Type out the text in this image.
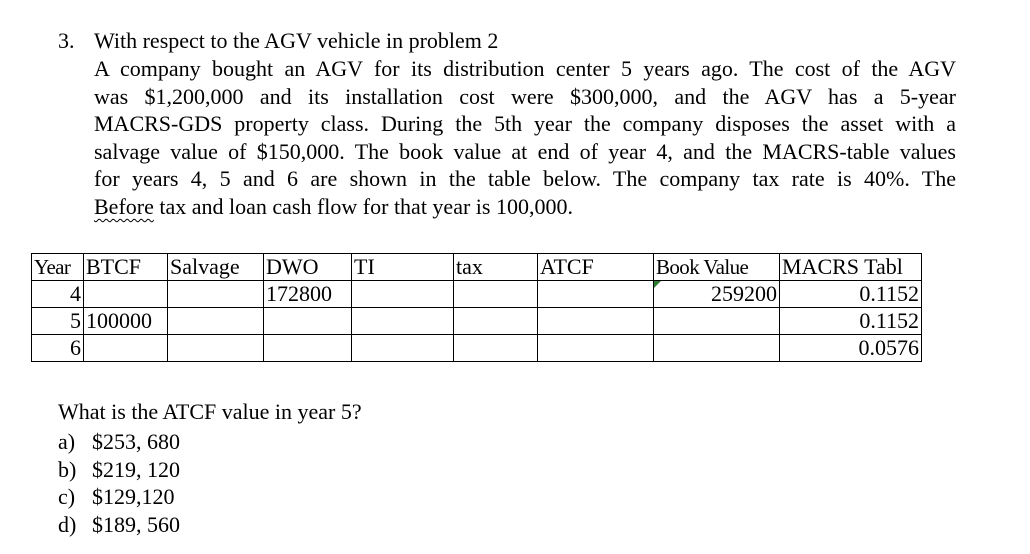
3. With respect to the AGV vehicle in problem 2
A company bought an AGV for its distribution center 5 years ago. The cost of the AGV
was $1,200,000 and its installation cost were $300,000, and the AGV has a 5-year
MACRS-GDS property class. During the 5th year the company disposes the asset with a
salvage value of $150,000. The book value at end of year 4, and the MACRS-table values
for years 4, 5 and 6 are shown in the table below. The company tax rate is 40%. The
Before tax and loan cash flow for that year is 100,000.
Year	BTCF	Salvage	DWO	TI	tax	ATCF	Book Value	MACRS Tabl
4			172800				259200	0.1152
5	100000							0.1152
6								0.0576
What is the ATCF value in year 5?
a) $253, 680
b) $219, 120
c) $129,120
d) $189, 560
